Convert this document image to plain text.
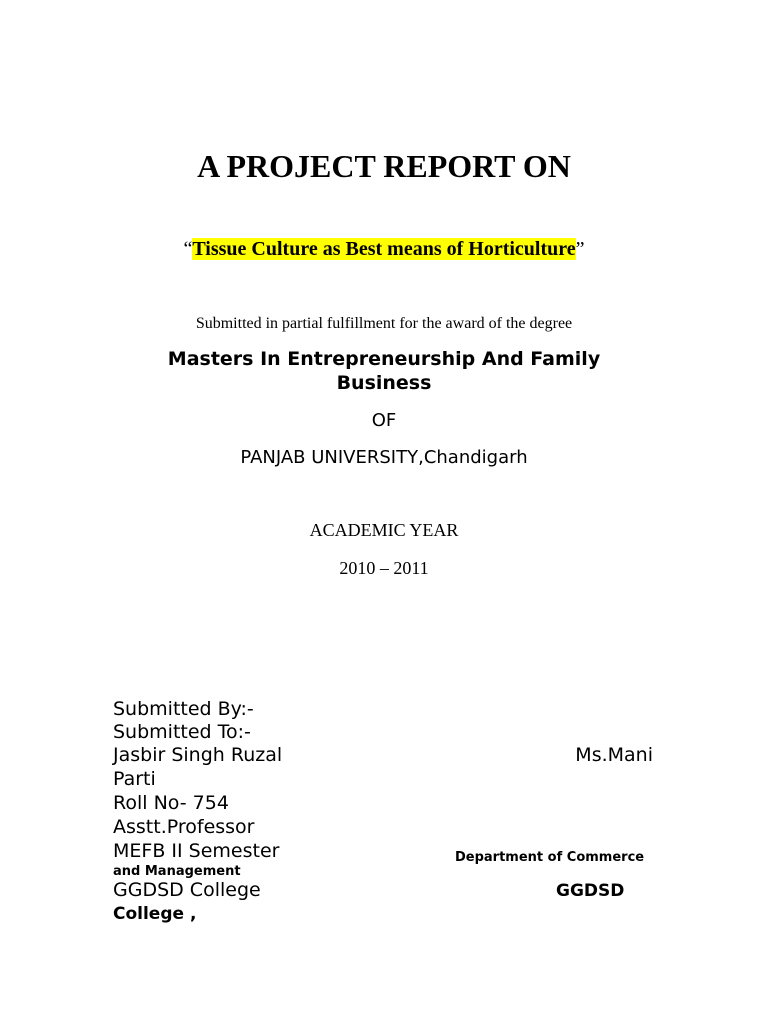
A PROJECT REPORT ON
“Tissue Culture as Best means of Horticulture”
Submitted in partial fulfillment for the award of the degree
Masters In Entrepreneurship And Family Business
OF
PANJAB UNIVERSITY,Chandigarh
ACADEMIC YEAR
2010 – 2011
Submitted By:-
Submitted To:-
Jasbir Singh Ruzal	Ms.Mani
Parti
Roll No- 754
Asstt.Professor
MEFB II Semester	Department of Commerce
and Management
GGDSD College	GGDSD
College ,
